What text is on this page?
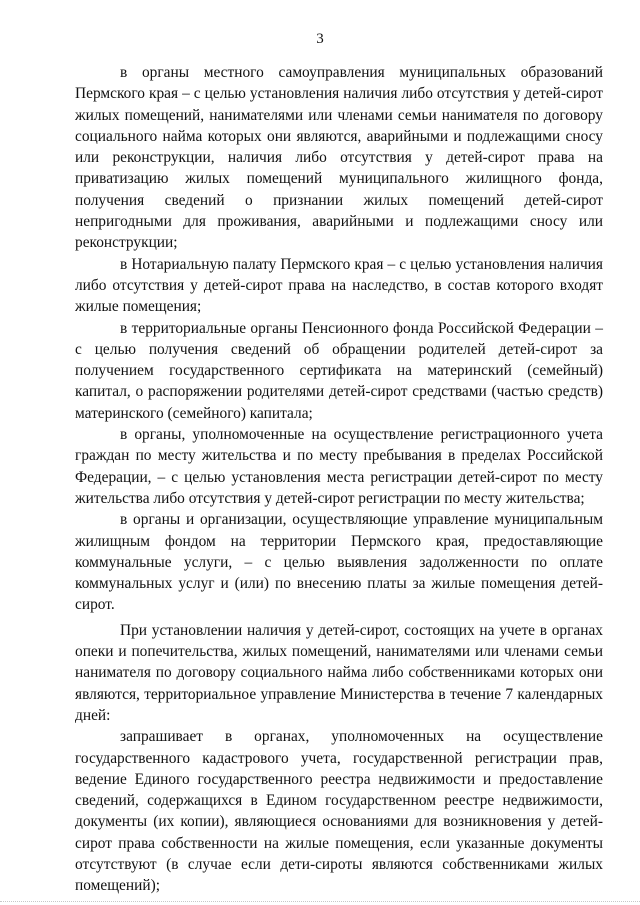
3

в органы местного самоуправления муниципальных образований Пермского края – с целью установления наличия либо отсутствия у детей-сирот жилых помещений, нанимателями или членами семьи нанимателя по договору социального найма которых они являются, аварийными и подлежащими сносу или реконструкции, наличия либо отсутствия у детей-сирот права на приватизацию жилых помещений муниципального жилищного фонда, получения сведений о признании жилых помещений детей-сирот непригодными для проживания, аварийными и подлежащими сносу или реконструкции;

в Нотариальную палату Пермского края – с целью установления наличия либо отсутствия у детей-сирот права на наследство, в состав которого входят жилые помещения;

в территориальные органы Пенсионного фонда Российской Федерации – с целью получения сведений об обращении родителей детей-сирот за получением государственного сертификата на материнский (семейный) капитал, о распоряжении родителями детей-сирот средствами (частью средств) материнского (семейного) капитала;

в органы, уполномоченные на осуществление регистрационного учета граждан по месту жительства и по месту пребывания в пределах Российской Федерации, – с целью установления места регистрации детей-сирот по месту жительства либо отсутствия у детей-сирот регистрации по месту жительства;

в органы и организации, осуществляющие управление муниципальным жилищным фондом на территории Пермского края, предоставляющие коммунальные услуги, – с целью выявления задолженности по оплате коммунальных услуг и (или) по внесению платы за жилые помещения детей-сирот.

При установлении наличия у детей-сирот, состоящих на учете в органах опеки и попечительства, жилых помещений, нанимателями или членами семьи нанимателя по договору социального найма либо собственниками которых они являются, территориальное управление Министерства в течение 7 календарных дней:

запрашивает в органах, уполномоченных на осуществление государственного кадастрового учета, государственной регистрации прав, ведение Единого государственного реестра недвижимости и предоставление сведений, содержащихся в Едином государственном реестре недвижимости, документы (их копии), являющиеся основаниями для возникновения у детей-сирот права собственности на жилые помещения, если указанные документы отсутствуют (в случае если дети-сироты являются собственниками жилых помещений);
